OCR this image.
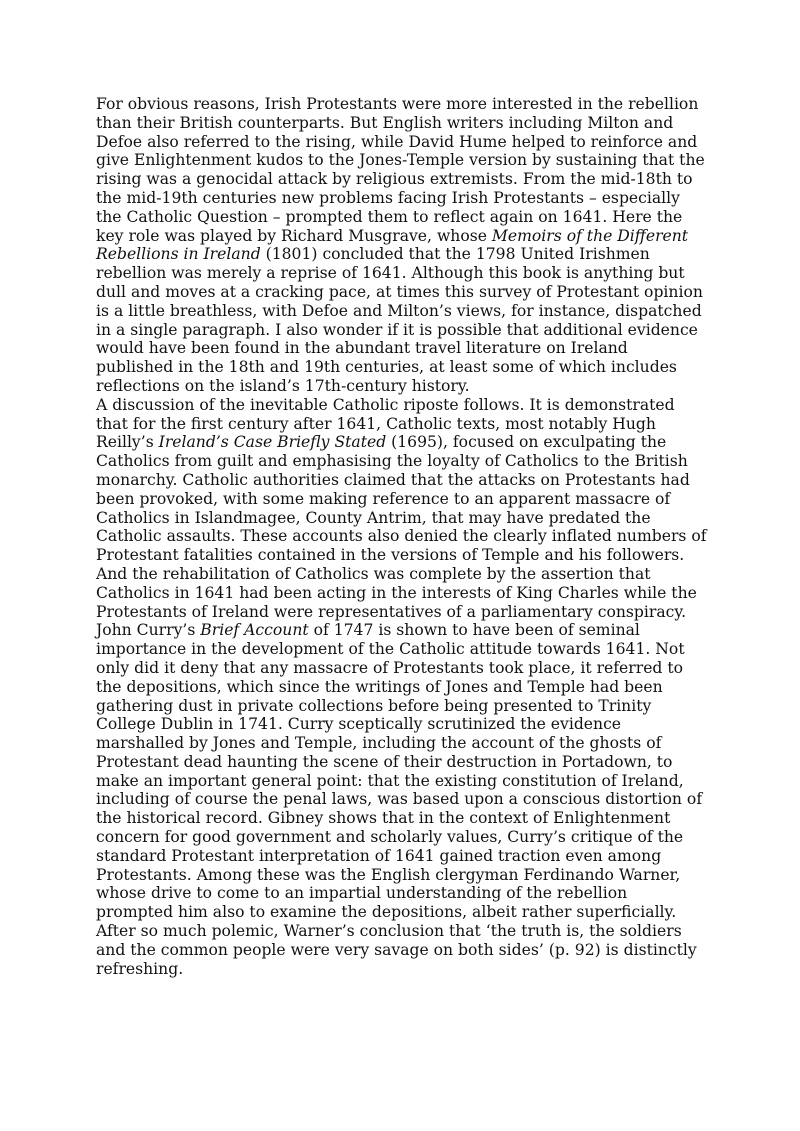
For obvious reasons, Irish Protestants were more interested in the rebellion than their British counterparts. But English writers including Milton and Defoe also referred to the rising, while David Hume helped to reinforce and give Enlightenment kudos to the Jones-Temple version by sustaining that the rising was a genocidal attack by religious extremists. From the mid-18th to the mid-19th centuries new problems facing Irish Protestants – especially the Catholic Question – prompted them to reflect again on 1641. Here the key role was played by Richard Musgrave, whose Memoirs of the Different Rebellions in Ireland (1801) concluded that the 1798 United Irishmen rebellion was merely a reprise of 1641. Although this book is anything but dull and moves at a cracking pace, at times this survey of Protestant opinion is a little breathless, with Defoe and Milton’s views, for instance, dispatched in a single paragraph. I also wonder if it is possible that additional evidence would have been found in the abundant travel literature on Ireland published in the 18th and 19th centuries, at least some of which includes reflections on the island’s 17th-century history.

A discussion of the inevitable Catholic riposte follows. It is demonstrated that for the first century after 1641, Catholic texts, most notably Hugh Reilly’s Ireland’s Case Briefly Stated (1695), focused on exculpating the Catholics from guilt and emphasising the loyalty of Catholics to the British monarchy. Catholic authorities claimed that the attacks on Protestants had been provoked, with some making reference to an apparent massacre of Catholics in Islandmagee, County Antrim, that may have predated the Catholic assaults. These accounts also denied the clearly inflated numbers of Protestant fatalities contained in the versions of Temple and his followers. And the rehabilitation of Catholics was complete by the assertion that Catholics in 1641 had been acting in the interests of King Charles while the Protestants of Ireland were representatives of a parliamentary conspiracy.

John Curry’s Brief Account of 1747 is shown to have been of seminal importance in the development of the Catholic attitude towards 1641. Not only did it deny that any massacre of Protestants took place, it referred to the depositions, which since the writings of Jones and Temple had been gathering dust in private collections before being presented to Trinity College Dublin in 1741. Curry sceptically scrutinized the evidence marshalled by Jones and Temple, including the account of the ghosts of Protestant dead haunting the scene of their destruction in Portadown, to make an important general point: that the existing constitution of Ireland, including of course the penal laws, was based upon a conscious distortion of the historical record. Gibney shows that in the context of Enlightenment concern for good government and scholarly values, Curry’s critique of the standard Protestant interpretation of 1641 gained traction even among Protestants. Among these was the English clergyman Ferdinando Warner, whose drive to come to an impartial understanding of the rebellion prompted him also to examine the depositions, albeit rather superficially. After so much polemic, Warner’s conclusion that ‘the truth is, the soldiers and the common people were very savage on both sides’ (p. 92) is distinctly refreshing.
